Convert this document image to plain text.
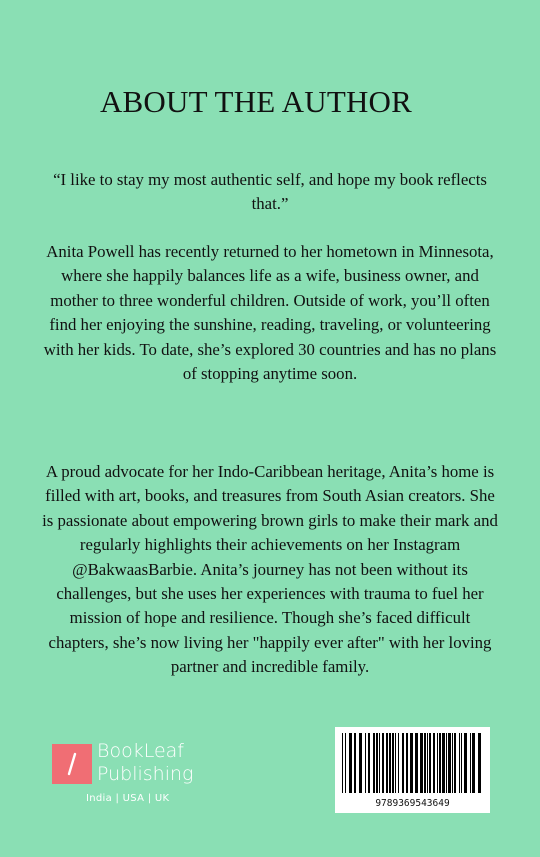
ABOUT THE AUTHOR

“I like to stay my most authentic self, and hope my book reflects that.”

Anita Powell has recently returned to her hometown in Minnesota, where she happily balances life as a wife, business owner, and mother to three wonderful children. Outside of work, you’ll often find her enjoying the sunshine, reading, traveling, or volunteering with her kids. To date, she’s explored 30 countries and has no plans of stopping anytime soon.

A proud advocate for her Indo-Caribbean heritage, Anita’s home is filled with art, books, and treasures from South Asian creators. She is passionate about empowering brown girls to make their mark and regularly highlights their achievements on her Instagram @BakwaasBarbie. Anita’s journey has not been without its challenges, but she uses her experiences with trauma to fuel her mission of hope and resilience. Though she’s faced difficult chapters, she’s now living her "happily ever after" with her loving partner and incredible family.

BookLeaf
Publishing
India | USA | UK	9789369543649
